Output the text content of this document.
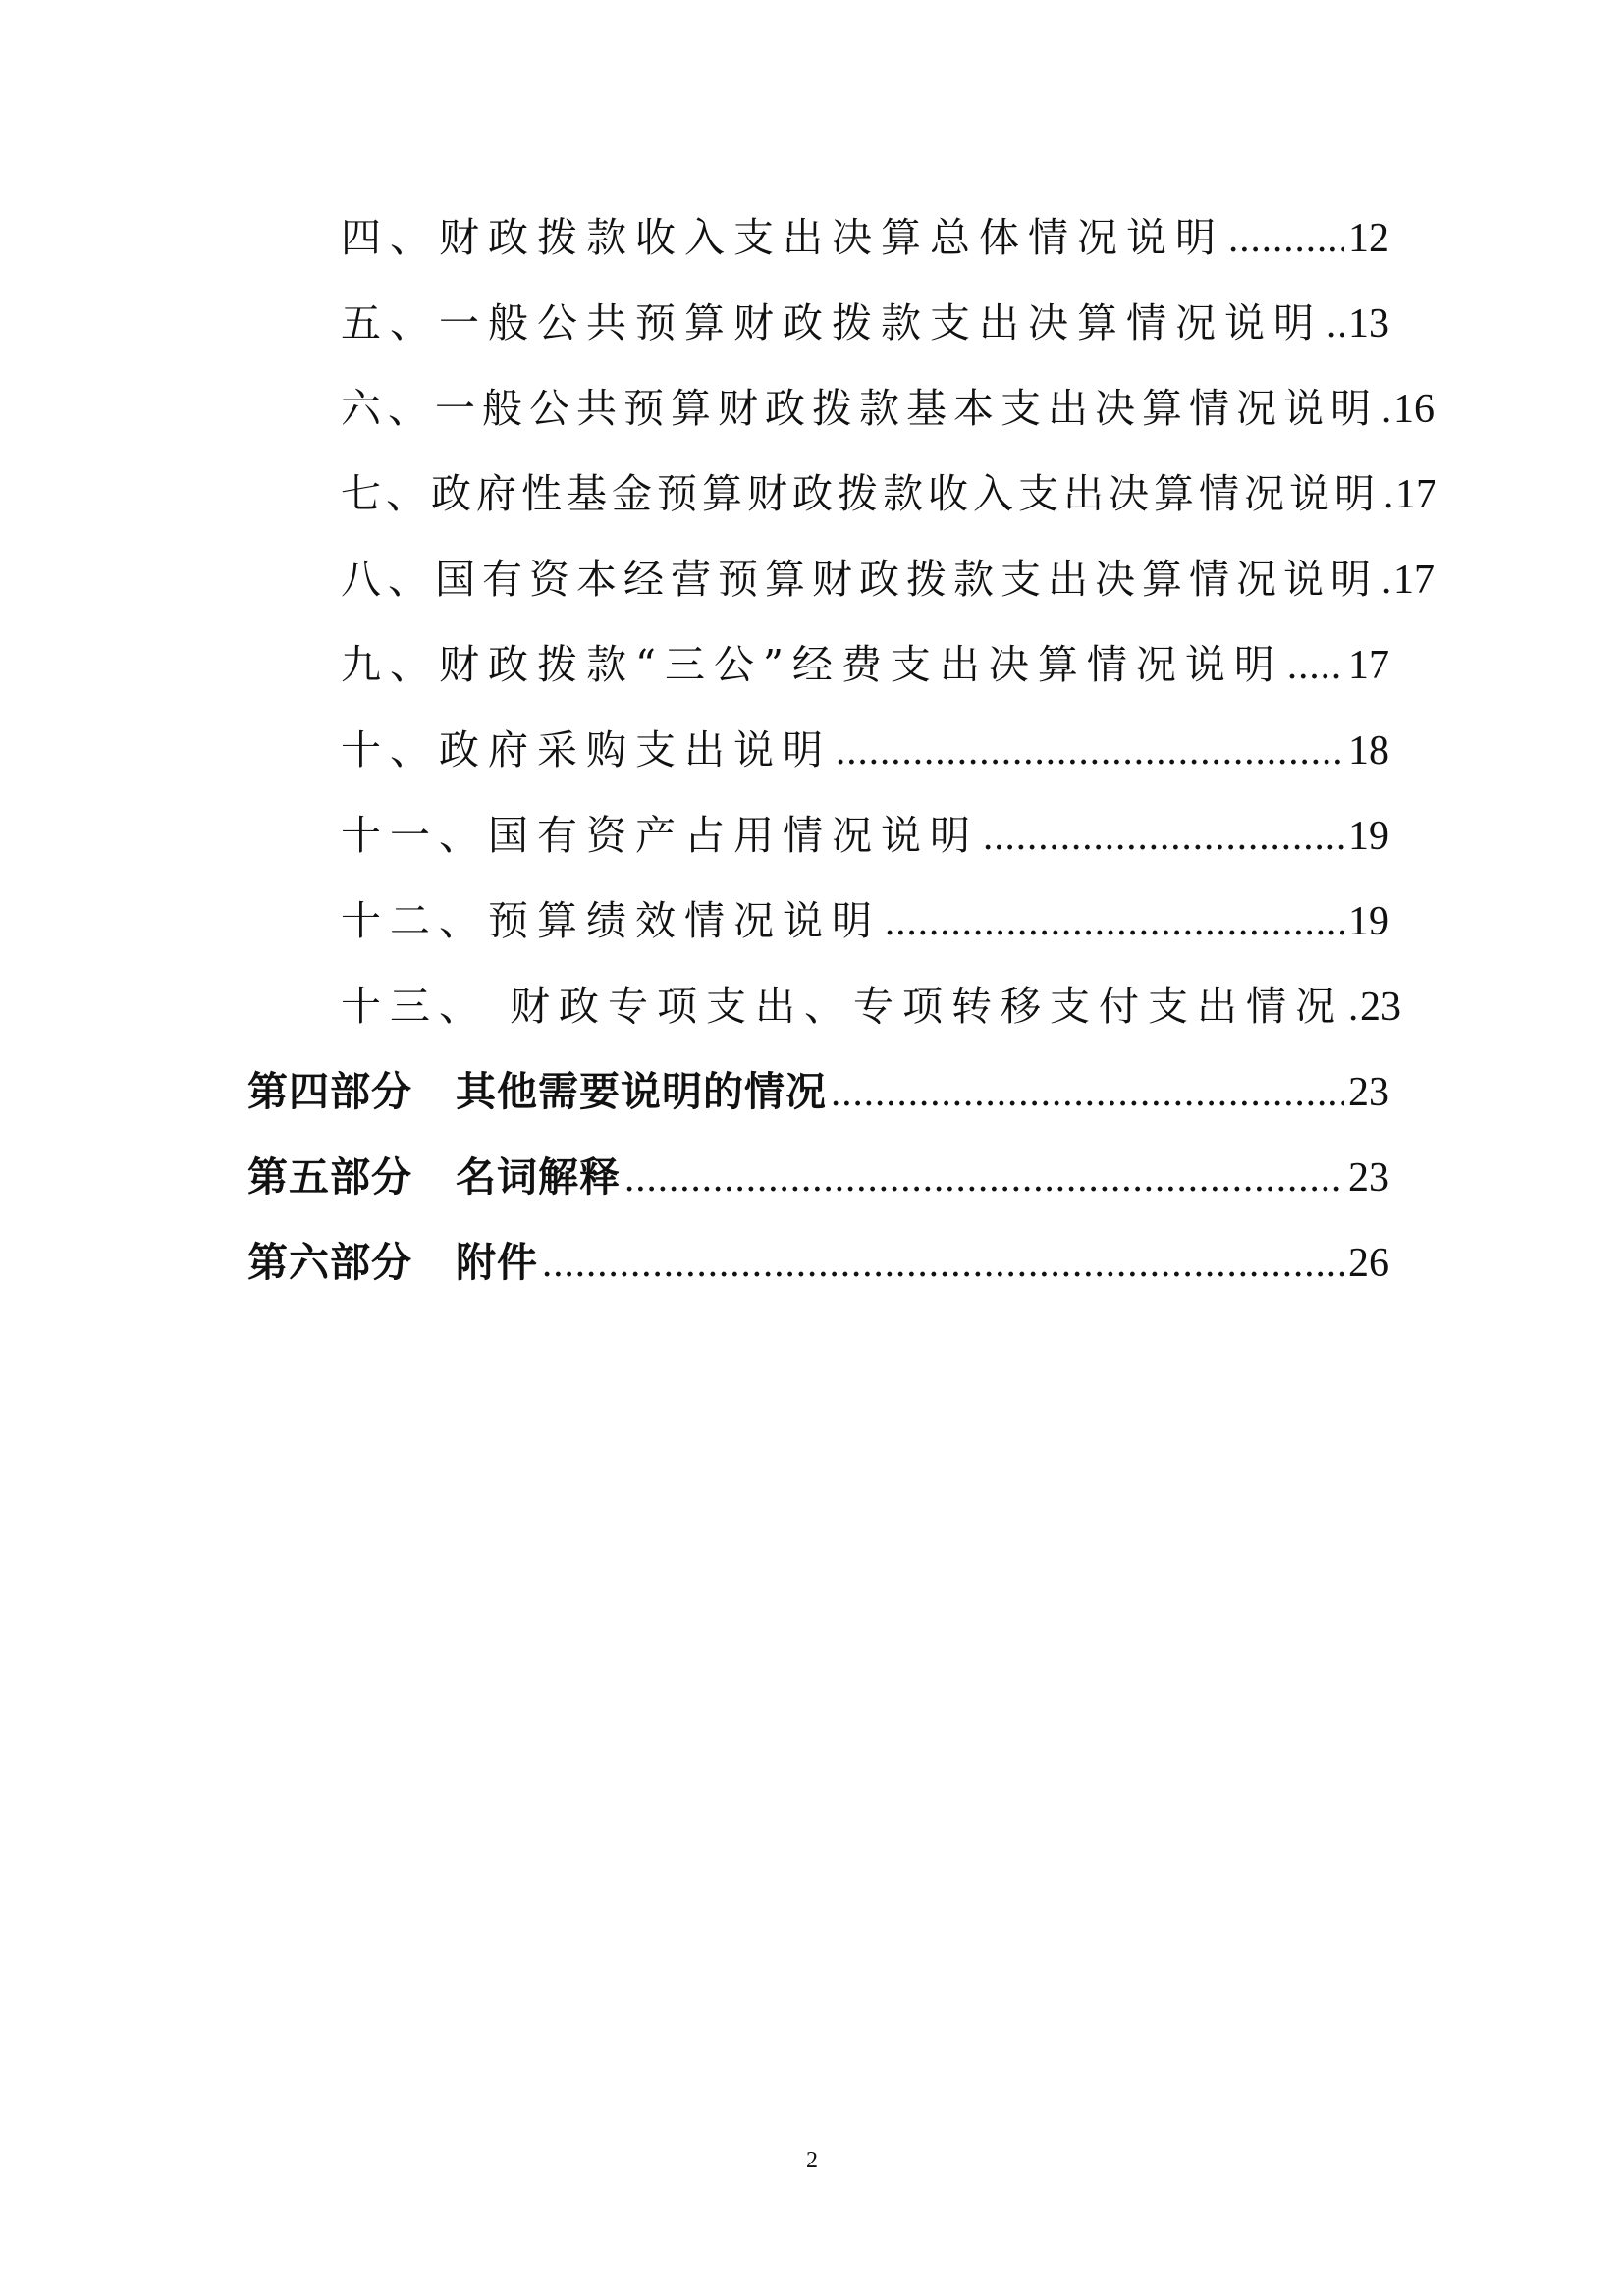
四、财政拨款收入支出决算总体情况说明 .....	12
五、一般公共预算财政拨款支出决算情况说明 ..... 13
六、一般公共预算财政拨款基本支出决算情况说明 ..... 16
七、政府性基金预算财政拨款收入支出决算情况说明 ..... 17
八、国有资本经营预算财政拨款支出决算情况说明 ..... 17
九、财政拨款“三公”经费支出决算情况说明 ..... 17
十、政府采购支出说明 .....	18
十一、国有资产占用情况说明 .....	19
十二、预算绩效情况说明 .....	19
十三、 财政专项支出、专项转移支付支出情况 ..... 23
第四部分 其他需要说明的情况 .....	23
第五部分 名词解释 .....	23
第六部分 附件 .....	26
2
